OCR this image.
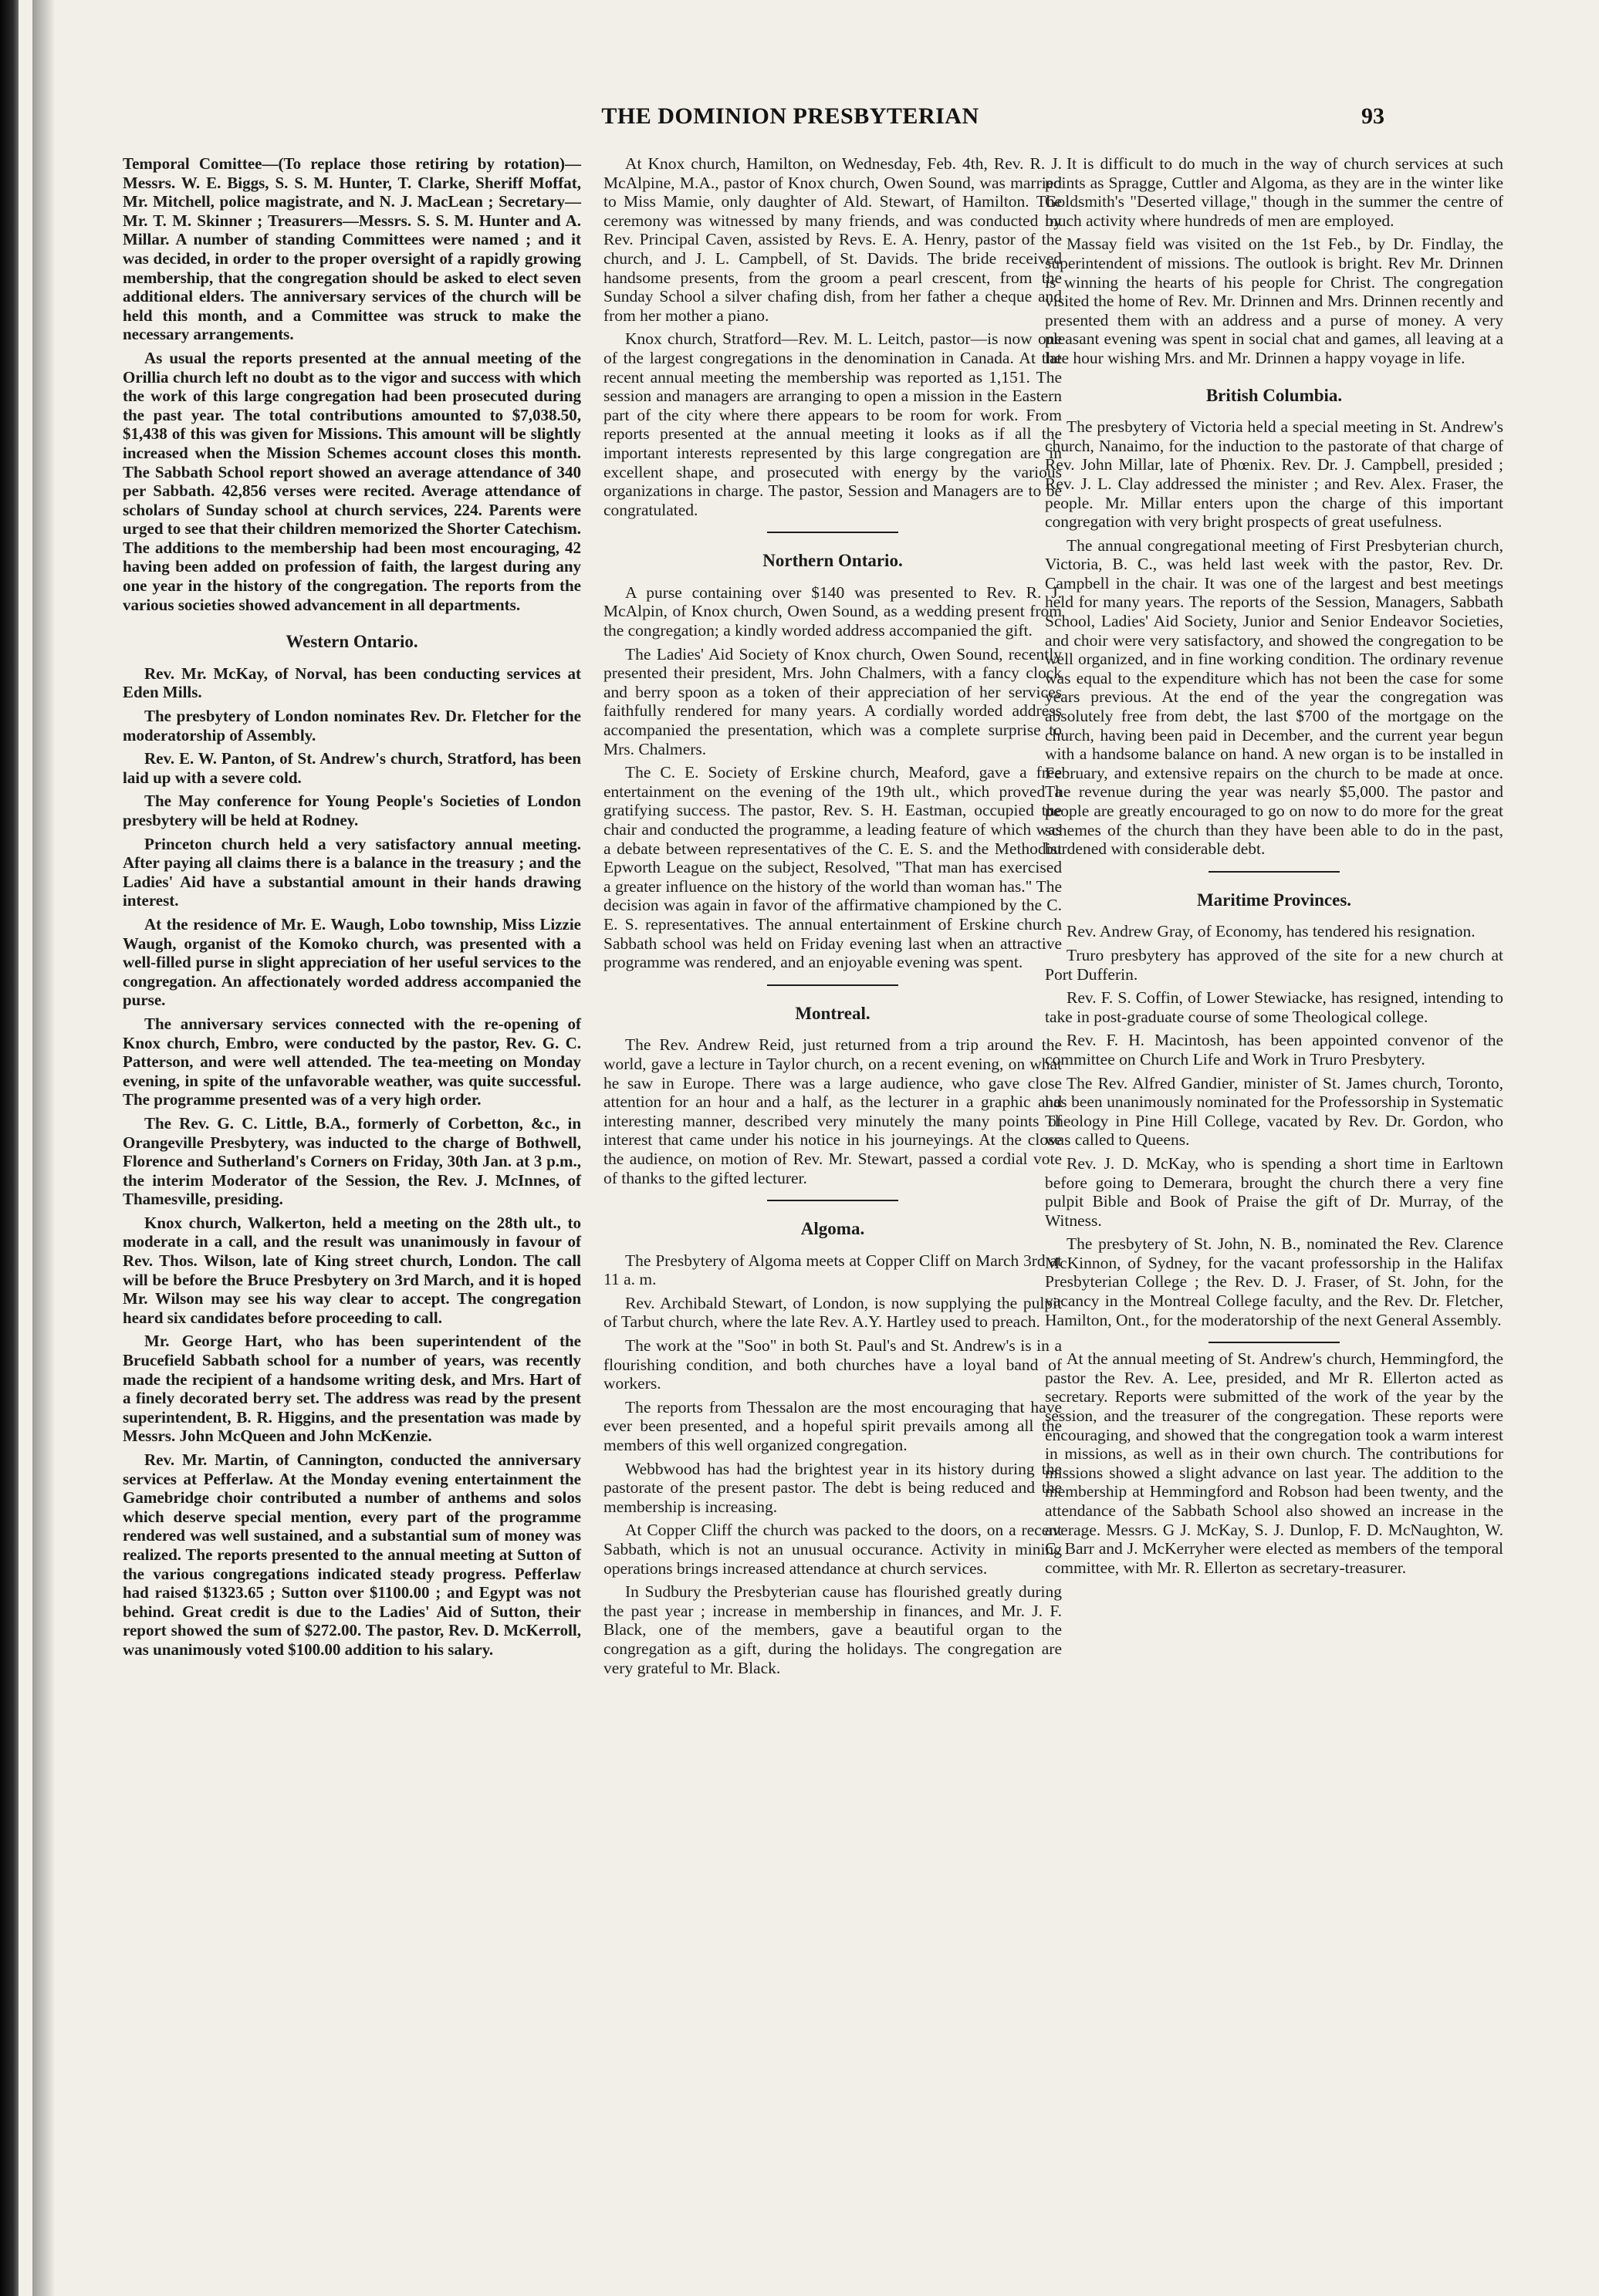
THE DOMINION PRESBYTERIAN	93

Temporal Comittee—(To replace those retiring by rotation)—Messrs. W. E. Biggs, S. S. M. Hunter, T. Clarke, Sheriff Moffat, Mr. Mitchell, police magistrate, and N. J. MacLean ; Secretary—Mr. T. M. Skinner ; Treasurers—Messrs. S. S. M. Hunter and A. Millar. A number of standing Committees were named ; and it was decided, in order to the proper oversight of a rapidly growing membership, that the congregation should be asked to elect seven additional elders. The anniversary services of the church will be held this month, and a Committee was struck to make the necessary arrangements.

As usual the reports presented at the annual meeting of the Orillia church left no doubt as to the vigor and success with which the work of this large congregation had been prosecuted during the past year. The total contributions amounted to $7,038.50, $1,438 of this was given for Missions. This amount will be slightly increased when the Mission Schemes account closes this month. The Sabbath School report showed an average attendance of 340 per Sabbath. 42,856 verses were recited. Average attendance of scholars of Sunday school at church services, 224. Parents were urged to see that their children memorized the Shorter Catechism. The additions to the membership had been most encouraging, 42 having been added on profession of faith, the largest during any one year in the history of the congregation. The reports from the various societies showed advancement in all departments.

Western Ontario.

Rev. Mr. McKay, of Norval, has been conducting services at Eden Mills.

The presbytery of London nominates Rev. Dr. Fletcher for the moderatorship of Assembly.

Rev. E. W. Panton, of St. Andrew's church, Stratford, has been laid up with a severe cold.

The May conference for Young People's Societies of London presbytery will be held at Rodney.

Princeton church held a very satisfactory annual meeting. After paying all claims there is a balance in the treasury ; and the Ladies' Aid have a substantial amount in their hands drawing interest.

At the residence of Mr. E. Waugh, Lobo township, Miss Lizzie Waugh, organist of the Komoko church, was presented with a well-filled purse in slight appreciation of her useful services to the congregation. An affectionately worded address accompanied the purse.

The anniversary services connected with the re-opening of Knox church, Embro, were conducted by the pastor, Rev. G. C. Patterson, and were well attended. The tea-meeting on Monday evening, in spite of the unfavorable weather, was quite successful. The programme presented was of a very high order.

The Rev. G. C. Little, B.A., formerly of Corbetton, &c., in Orangeville Presbytery, was inducted to the charge of Bothwell, Florence and Sutherland's Corners on Friday, 30th Jan. at 3 p.m., the interim Moderator of the Session, the Rev. J. McInnes, of Thamesville, presiding.

Knox church, Walkerton, held a meeting on the 28th ult., to moderate in a call, and the result was unanimously in favour of Rev. Thos. Wilson, late of King street church, London. The call will be before the Bruce Presbytery on 3rd March, and it is hoped Mr. Wilson may see his way clear to accept. The congregation heard six candidates before proceeding to call.

Mr. George Hart, who has been superintendent of the Brucefield Sabbath school for a number of years, was recently made the recipient of a handsome writing desk, and Mrs. Hart of a finely decorated berry set. The address was read by the present superintendent, B. R. Higgins, and the presentation was made by Messrs. John McQueen and John McKenzie.

Rev. Mr. Martin, of Cannington, conducted the anniversary services at Pefferlaw. At the Monday evening entertainment the Gamebridge choir contributed a number of anthems and solos which deserve special mention, every part of the programme rendered was well sustained, and a substantial sum of money was realized. The reports presented to the annual meeting at Sutton of the various congregations indicated steady progress. Pefferlaw had raised $1323.65 ; Sutton over $1100.00 ; and Egypt was not behind. Great credit is due to the Ladies' Aid of Sutton, their report showed the sum of $272.00. The pastor, Rev. D. McKerroll, was unanimously voted $100.00 addition to his salary.

At Knox church, Hamilton, on Wednesday, Feb. 4th, Rev. R. J. McAlpine, M.A., pastor of Knox church, Owen Sound, was married to Miss Mamie, only daughter of Ald. Stewart, of Hamilton. The ceremony was witnessed by many friends, and was conducted by Rev. Principal Caven, assisted by Revs. E. A. Henry, pastor of the church, and J. L. Campbell, of St. Davids. The bride received handsome presents, from the groom a pearl crescent, from the Sunday School a silver chafing dish, from her father a cheque and from her mother a piano.

Knox church, Stratford—Rev. M. L. Leitch, pastor—is now one of the largest congregations in the denomination in Canada. At the recent annual meeting the membership was reported as 1,151. The session and managers are arranging to open a mission in the Eastern part of the city where there appears to be room for work. From reports presented at the annual meeting it looks as if all the important interests represented by this large congregation are in excellent shape, and prosecuted with energy by the various organizations in charge. The pastor, Session and Managers are to be congratulated.

Northern Ontario.

A purse containing over $140 was presented to Rev. R. J. McAlpin, of Knox church, Owen Sound, as a wedding present from the congregation; a kindly worded address accompanied the gift.

The Ladies' Aid Society of Knox church, Owen Sound, recently presented their president, Mrs. John Chalmers, with a fancy clock and berry spoon as a token of their appreciation of her services faithfully rendered for many years. A cordially worded address accompanied the presentation, which was a complete surprise to Mrs. Chalmers.

The C. E. Society of Erskine church, Meaford, gave a free entertainment on the evening of the 19th ult., which proved a gratifying success. The pastor, Rev. S. H. Eastman, occupied the chair and conducted the programme, a leading feature of which was a debate between representatives of the C. E. S. and the Methodist Epworth League on the subject, Resolved, "That man has exercised a greater influence on the history of the world than woman has." The decision was again in favor of the affirmative championed by the C. E. S. representatives. The annual entertainment of Erskine church Sabbath school was held on Friday evening last when an attractive programme was rendered, and an enjoyable evening was spent.

Montreal.

The Rev. Andrew Reid, just returned from a trip around the world, gave a lecture in Taylor church, on a recent evening, on what he saw in Europe. There was a large audience, who gave close attention for an hour and a half, as the lecturer in a graphic and interesting manner, described very minutely the many points of interest that came under his notice in his journeyings. At the close the audience, on motion of Rev. Mr. Stewart, passed a cordial vote of thanks to the gifted lecturer.

Algoma.

The Presbytery of Algoma meets at Copper Cliff on March 3rd at 11 a. m.

Rev. Archibald Stewart, of London, is now supplying the pulpit of Tarbut church, where the late Rev. A.Y. Hartley used to preach.

The work at the "Soo" in both St. Paul's and St. Andrew's is in a flourishing condition, and both churches have a loyal band of workers.

The reports from Thessalon are the most encouraging that have ever been presented, and a hopeful spirit prevails among all the members of this well organized congregation.

Webbwood has had the brightest year in its history during the pastorate of the present pastor. The debt is being reduced and the membership is increasing.

At Copper Cliff the church was packed to the doors, on a recent Sabbath, which is not an unusual occurance. Activity in mining operations brings increased attendance at church services.

In Sudbury the Presbyterian cause has flourished greatly during the past year ; increase in membership in finances, and Mr. J. F. Black, one of the members, gave a beautiful organ to the congregation as a gift, during the holidays. The congregation are very grateful to Mr. Black.

It is difficult to do much in the way of church services at such points as Spragge, Cuttler and Algoma, as they are in the winter like Goldsmith's "Deserted village," though in the summer the centre of much activity where hundreds of men are employed.

Massay field was visited on the 1st Feb., by Dr. Findlay, the superintendent of missions. The outlook is bright. Rev Mr. Drinnen is winning the hearts of his people for Christ. The congregation visited the home of Rev. Mr. Drinnen and Mrs. Drinnen recently and presented them with an address and a purse of money. A very pleasant evening was spent in social chat and games, all leaving at a late hour wishing Mrs. and Mr. Drinnen a happy voyage in life.

British Columbia.

The presbytery of Victoria held a special meeting in St. Andrew's church, Nanaimo, for the induction to the pastorate of that charge of Rev. John Millar, late of Phœnix. Rev. Dr. J. Campbell, presided ; Rev. J. L. Clay addressed the minister ; and Rev. Alex. Fraser, the people. Mr. Millar enters upon the charge of this important congregation with very bright prospects of great usefulness.

The annual congregational meeting of First Presbyterian church, Victoria, B. C., was held last week with the pastor, Rev. Dr. Campbell in the chair. It was one of the largest and best meetings held for many years. The reports of the Session, Managers, Sabbath School, Ladies' Aid Society, Junior and Senior Endeavor Societies, and choir were very satisfactory, and showed the congregation to be well organized, and in fine working condition. The ordinary revenue was equal to the expenditure which has not been the case for some years previous. At the end of the year the congregation was absolutely free from debt, the last $700 of the mortgage on the church, having been paid in December, and the current year begun with a handsome balance on hand. A new organ is to be installed in February, and extensive repairs on the church to be made at once. The revenue during the year was nearly $5,000. The pastor and people are greatly encouraged to go on now to do more for the great schemes of the church than they have been able to do in the past, burdened with considerable debt.

Maritime Provinces.

Rev. Andrew Gray, of Economy, has tendered his resignation.

Truro presbytery has approved of the site for a new church at Port Dufferin.

Rev. F. S. Coffin, of Lower Stewiacke, has resigned, intending to take in post-graduate course of some Theological college.

Rev. F. H. Macintosh, has been appointed convenor of the committee on Church Life and Work in Truro Presbytery.

The Rev. Alfred Gandier, minister of St. James church, Toronto, has been unanimously nominated for the Professorship in Systematic Theology in Pine Hill College, vacated by Rev. Dr. Gordon, who was called to Queens.

Rev. J. D. McKay, who is spending a short time in Earltown before going to Demerara, brought the church there a very fine pulpit Bible and Book of Praise the gift of Dr. Murray, of the Witness.

The presbytery of St. John, N. B., nominated the Rev. Clarence McKinnon, of Sydney, for the vacant professorship in the Halifax Presbyterian College ; the Rev. D. J. Fraser, of St. John, for the vacancy in the Montreal College faculty, and the Rev. Dr. Fletcher, Hamilton, Ont., for the moderatorship of the next General Assembly.

At the annual meeting of St. Andrew's church, Hemmingford, the pastor the Rev. A. Lee, presided, and Mr R. Ellerton acted as secretary. Reports were submitted of the work of the year by the session, and the treasurer of the congregation. These reports were encouraging, and showed that the congregation took a warm interest in missions, as well as in their own church. The contributions for missions showed a slight advance on last year. The addition to the membership at Hemmingford and Robson had been twenty, and the attendance of the Sabbath School also showed an increase in the average. Messrs. G J. McKay, S. J. Dunlop, F. D. McNaughton, W. C. Barr and J. McKerryher were elected as members of the temporal committee, with Mr. R. Ellerton as secretary-treasurer.
